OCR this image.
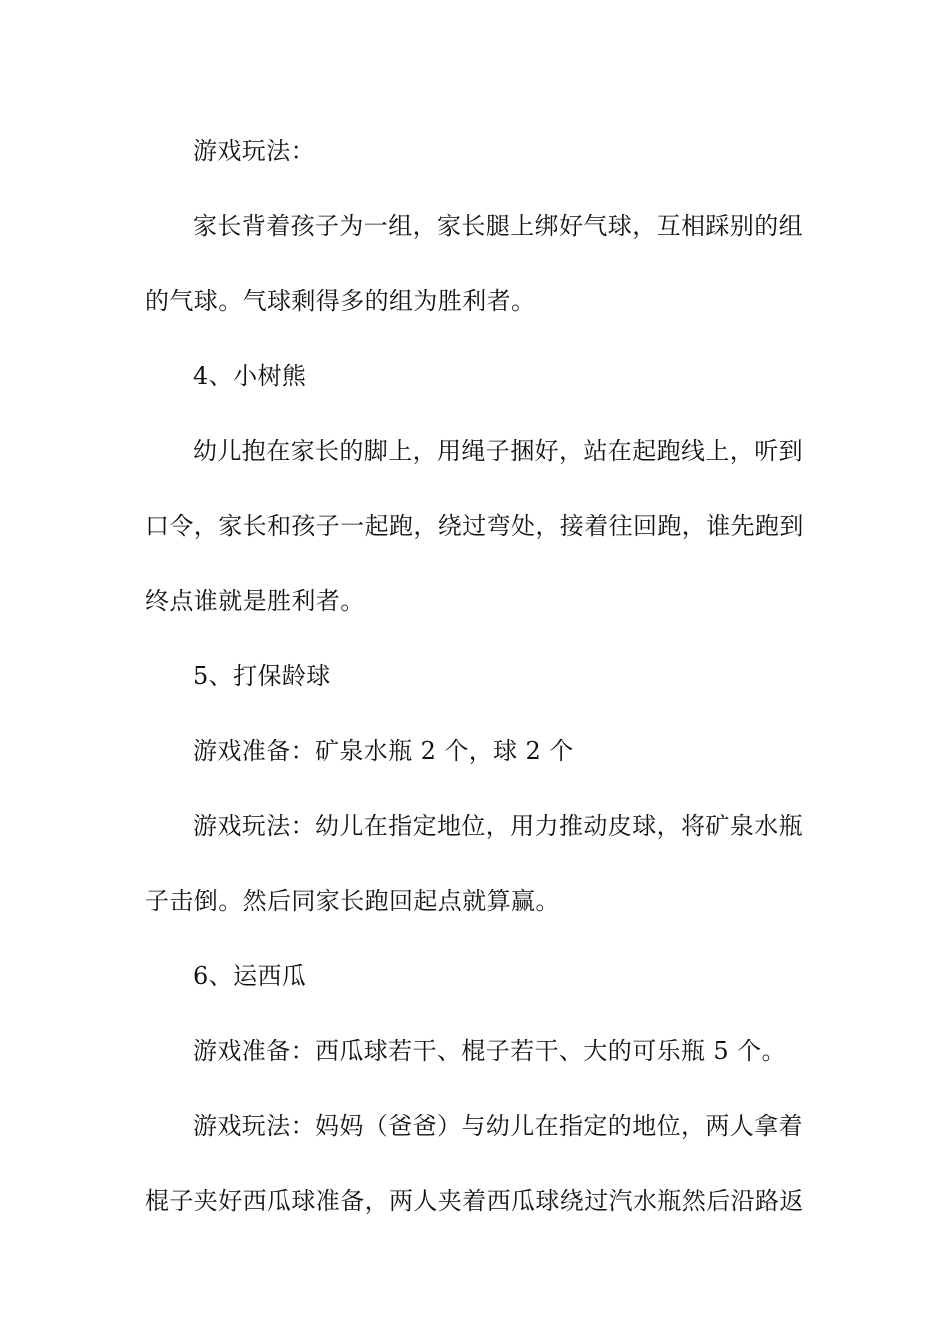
游戏玩法：
家长背着孩子为一组，家长腿上绑好气球，互相踩别的组
的气球。气球剩得多的组为胜利者。
4、小树熊
幼儿抱在家长的脚上，用绳子捆好，站在起跑线上，听到
口令，家长和孩子一起跑，绕过弯处，接着往回跑，谁先跑到
终点谁就是胜利者。
5、打保龄球
游戏准备：矿泉水瓶 2 个，球 2 个
游戏玩法：幼儿在指定地位，用力推动皮球，将矿泉水瓶
子击倒。然后同家长跑回起点就算赢。
6、运西瓜
游戏准备：西瓜球若干、棍子若干、大的可乐瓶 5 个。
游戏玩法：妈妈（爸爸）与幼儿在指定的地位，两人拿着
棍子夹好西瓜球准备，两人夹着西瓜球绕过汽水瓶然后沿路返
